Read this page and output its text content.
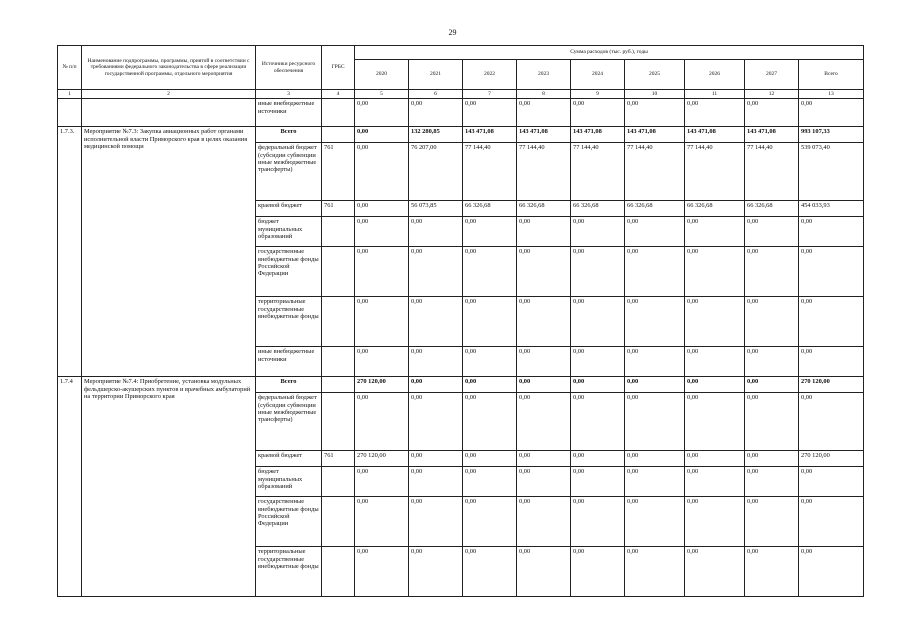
29
№ п/п	Наименование подпрограммы, программы, приятой в соответствии с требованиями федерального законодательства в сфере реализации государственной программы, отдельного мероприятия	Источники ресурсного обеспечения	ГРБС	Сумма расходов (тыс. руб.), годы								
				2020	2021	2022	2023	2024	2025	2026	2027	Всего
1	2	3	4	5	6	7	8	9	10	11	12	13
		иные внебюджетные источники		0,00	0,00	0,00	0,00	0,00	0,00	0,00	0,00	0,00
1.7.3.	Мероприятие №7.3: Закупка авиационных работ органами исполнительной власти Приморского края в целях оказания медицинской помощи	Всего		0,00	132 280,85	143 471,08	143 471,08	143 471,08	143 471,08	143 471,08	143 471,08	993 107,33
		федеральный бюджет (субсидии субвенции иные межбюджетные трансферты)	761	0,00	76 207,00	77 144,40	77 144,40	77 144,40	77 144,40	77 144,40	77 144,40	539 073,40
		краевой бюджет	761	0,00	56 073,85	66 326,68	66 326,68	66 326,68	66 326,68	66 326,68	66 326,68	454 033,93
		бюджет муниципальных образований		0,00	0,00	0,00	0,00	0,00	0,00	0,00	0,00	0,00
		государственные внебюджетные фонды Российской Федерации		0,00	0,00	0,00	0,00	0,00	0,00	0,00	0,00	0,00
		территориальные государственные внебюджетные фонды		0,00	0,00	0,00	0,00	0,00	0,00	0,00	0,00	0,00
		иные внебюджетные источники		0,00	0,00	0,00	0,00	0,00	0,00	0,00	0,00	0,00
1.7.4	Мероприятие №7.4: Приобретение, установка модульных фельдшерско-акушерских пунктов и врачебных амбулаторий на территории Приморского края	Всего		270 120,00	0,00	0,00	0,00	0,00	0,00	0,00	0,00	270 120,00
		федеральный бюджет (субсидии субвенции иные межбюджетные трансферты)		0,00	0,00	0,00	0,00	0,00	0,00	0,00	0,00	0,00
		краевой бюджет	761	270 120,00	0,00	0,00	0,00	0,00	0,00	0,00	0,00	270 120,00
		бюджет муниципальных образований		0,00	0,00	0,00	0,00	0,00	0,00	0,00	0,00	0,00
		государственные внебюджетные фонды Российской Федерации		0,00	0,00	0,00	0,00	0,00	0,00	0,00	0,00	0,00
		территориальные государственные внебюджетные фонды		0,00	0,00	0,00	0,00	0,00	0,00	0,00	0,00	0,00
